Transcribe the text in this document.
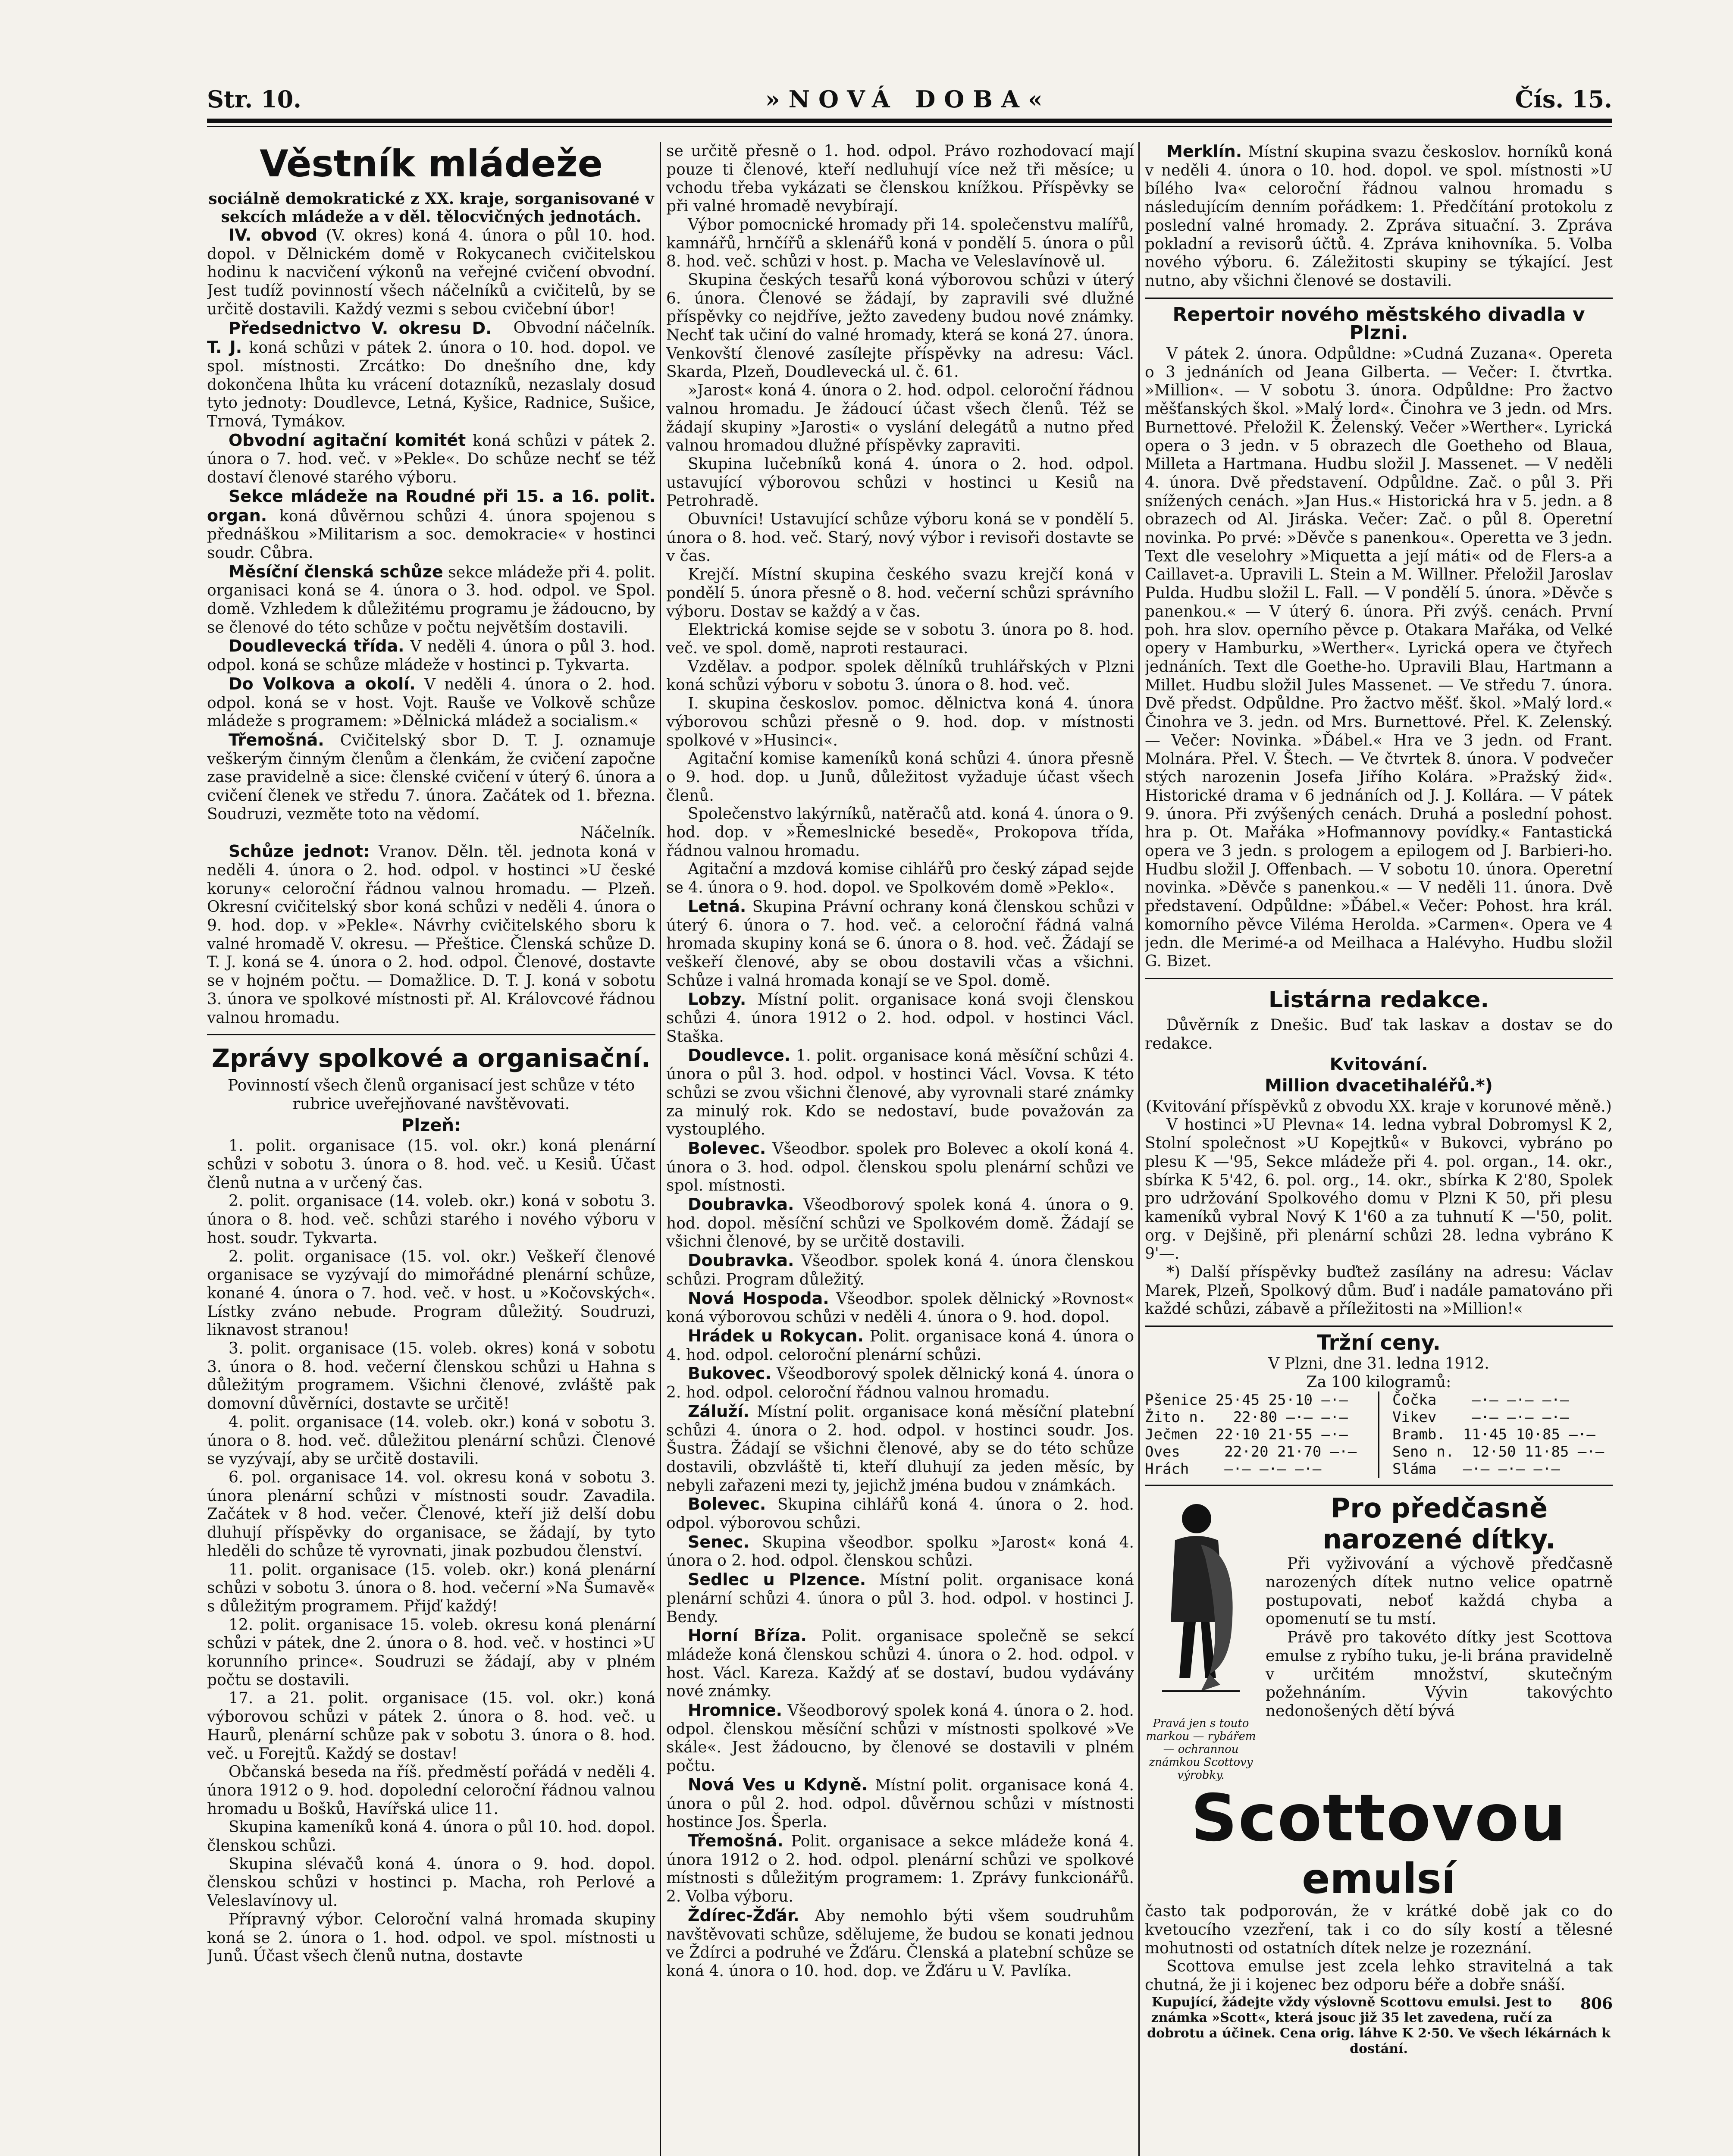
Str. 10.	»NOVÁ DOBA«	Čís. 15.
Věstník mládeže
sociálně demokratické z XX. kraje, sorganisované v sekcích mládeže a v děl. tělocvičných jednotách.

IV. obvod (V. okres) koná 4. února o půl 10. hod. dopol. v Dělnickém domě v Rokycanech cvičitelskou hodinu k nacvičení výkonů na veřejné cvičení obvodní. Jest tudíž povinností všech náčelníků a cvičitelů, by se určitě dostavili. Každý vezmi s sebou cvičební úbor!
Obvodní náčelník.

Předsednictvo V. okresu D. T. J. koná schůzi v pátek 2. února o 10. hod. dopol. ve spol. místnosti. Zrcátko: Do dnešního dne, kdy dokončena lhůta ku vrácení dotazníků, nezaslaly dosud tyto jednoty: Doudlevce, Letná, Kyšice, Radnice, Sušice, Trnová, Tymákov.

Obvodní agitační komitét koná schůzi v pátek 2. února o 7. hod. več. v »Pekle«. Do schůze nechť se též dostaví členové starého výboru.

Sekce mládeže na Roudné při 15. a 16. polit. organ. koná důvěrnou schůzi 4. února spojenou s přednáškou »Militarism a soc. demokracie« v hostinci soudr. Cůbra.

Měsíční členská schůze sekce mládeže při 4. polit. organisaci koná se 4. února o 3. hod. odpol. ve Spol. domě. Vzhledem k důležitému programu je žádoucno, by se členové do této schůze v počtu největším dostavili.

Doudlevecká třída. V neděli 4. února o půl 3. hod. odpol. koná se schůze mládeže v hostinci p. Tykvarta.

Do Volkova a okolí. V neděli 4. února o 2. hod. odpol. koná se v host. Vojt. Rauše ve Volkově schůze mládeže s programem: »Dělnická mládež a socialism.«

Třemošná. Cvičitelský sbor D. T. J. oznamuje veškerým činným členům a členkám, že cvičení započne zase pravidelně a sice: členské cvičení v úterý 6. února a cvičení členek ve středu 7. února. Začátek od 1. března. Soudruzi, vezměte toto na vědomí.

Náčelník.

Schůze jednot: Vranov. Děln. těl. jednota koná v neděli 4. února o 2. hod. odpol. v hostinci »U české koruny« celoroční řádnou valnou hromadu. — Plzeň. Okresní cvičitelský sbor koná schůzi v neděli 4. února o 9. hod. dop. v »Pekle«. Návrhy cvičitelského sboru k valné hromadě V. okresu. — Přeštice. Členská schůze D. T. J. koná se 4. února o 2. hod. odpol. Členové, dostavte se v hojném počtu. — Domažlice. D. T. J. koná v sobotu 3. února ve spolkové místnosti př. Al. Královcové řádnou valnou hromadu.

Zprávy spolkové a organisační.

Povinností všech členů organisací jest schůze v této rubrice uveřejňované navštěvovati.

Plzeň:

1. polit. organisace (15. vol. okr.) koná plenární schůzi v sobotu 3. února o 8. hod. več. u Kesiů. Účast členů nutna a v určený čas.

2. polit. organisace (14. voleb. okr.) koná v sobotu 3. února o 8. hod. več. schůzi starého i nového výboru v host. soudr. Tykvarta.

2. polit. organisace (15. vol. okr.) Veškeří členové organisace se vyzývají do mimořádné plenární schůze, konané 4. února o 7. hod. več. v host. u »Kočovských«. Lístky zváno nebude. Program důležitý. Soudruzi, liknavost stranou!

3. polit. organisace (15. voleb. okres) koná v sobotu 3. února o 8. hod. večerní členskou schůzi u Hahna s důležitým programem. Všichni členové, zvláště pak domovní důvěrníci, dostavte se určitě!

4. polit. organisace (14. voleb. okr.) koná v sobotu 3. února o 8. hod. več. důležitou plenární schůzi. Členové se vyzývají, aby se určitě dostavili.

6. pol. organisace 14. vol. okresu koná v sobotu 3. února plenární schůzi v místnosti soudr. Zavadila. Začátek v 8 hod. večer. Členové, kteří již delší dobu dluhují příspěvky do organisace, se žádají, by tyto hleděli do schůze tě vyrovnati, jinak pozbudou členství.

11. polit. organisace (15. voleb. okr.) koná plenární schůzi v sobotu 3. února o 8. hod. večerní »Na Šumavě« s důležitým programem. Přijď každý!

12. polit. organisace 15. voleb. okresu koná plenární schůzi v pátek, dne 2. února o 8. hod. več. v hostinci »U korunního prince«. Soudruzi se žádají, aby v plném počtu se dostavili.

17. a 21. polit. organisace (15. vol. okr.) koná výborovou schůzi v pátek 2. února o 8. hod. več. u Haurů, plenární schůze pak v sobotu 3. února o 8. hod. več. u Forejtů. Každý se dostav!

Občanská beseda na říš. předměstí pořádá v neděli 4. února 1912 o 9. hod. dopolední celoroční řádnou valnou hromadu u Bošků, Havířská ulice 11.

Skupina kameníků koná 4. února o půl 10. hod. dopol. členskou schůzi.

Skupina slévačů koná 4. února o 9. hod. dopol. členskou schůzi v hostinci p. Macha, roh Perlové a Veleslavínovy ul.

Přípravný výbor. Celoroční valná hromada skupiny koná se 2. února o 1. hod. odpol. ve spol. místnosti u Junů. Účast všech členů nutna, dostavte

se určitě přesně o 1. hod. odpol. Právo rozhodovací mají pouze ti členové, kteří nedluhují více než tři měsíce; u vchodu třeba vykázati se členskou knížkou. Příspěvky se při valné hromadě nevybírají.

Výbor pomocnické hromady při 14. společenstvu malířů, kamnářů, hrnčířů a sklenářů koná v pondělí 5. února o půl 8. hod. več. schůzi v host. p. Macha ve Veleslavínově ul.

Skupina českých tesařů koná výborovou schůzi v úterý 6. února. Členové se žádají, by zapravili své dlužné příspěvky co nejdříve, ježto zavedeny budou nové známky. Nechť tak učiní do valné hromady, která se koná 27. února. Venkovští členové zasílejte příspěvky na adresu: Václ. Skarda, Plzeň, Doudlevecká ul. č. 61.

»Jarost« koná 4. února o 2. hod. odpol. celoroční řádnou valnou hromadu. Je žádoucí účast všech členů. Též se žádají skupiny »Jarosti« o vyslání delegátů a nutno před valnou hromadou dlužné příspěvky zapraviti.

Skupina lučebníků koná 4. února o 2. hod. odpol. ustavující výborovou schůzi v hostinci u Kesiů na Petrohradě.

Obuvníci! Ustavující schůze výboru koná se v pondělí 5. února o 8. hod. več. Starý, nový výbor i revisoři dostavte se v čas.

Krejčí. Místní skupina českého svazu krejčí koná v pondělí 5. února přesně o 8. hod. večerní schůzi správního výboru. Dostav se každý a v čas.

Elektrická komise sejde se v sobotu 3. února po 8. hod. več. ve spol. domě, naproti restauraci.

Vzdělav. a podpor. spolek dělníků truhlářských v Plzni koná schůzi výboru v sobotu 3. února o 8. hod. več.

I. skupina českoslov. pomoc. dělnictva koná 4. února výborovou schůzi přesně o 9. hod. dop. v místnosti spolkové v »Husinci«.

Agitační komise kameníků koná schůzi 4. února přesně o 9. hod. dop. u Junů, důležitost vyžaduje účast všech členů.

Společenstvo lakýrníků, natěračů atd. koná 4. února o 9. hod. dop. v »Řemeslnické besedě«, Prokopova třída, řádnou valnou hromadu.

Agitační a mzdová komise cihlářů pro český západ sejde se 4. února o 9. hod. dopol. ve Spolkovém domě »Peklo«.

Letná. Skupina Právní ochrany koná členskou schůzi v úterý 6. února o 7. hod. več. a celoroční řádná valná hromada skupiny koná se 6. února o 8. hod. več. Žádají se veškeří členové, aby se obou dostavili včas a všichni. Schůze i valná hromada konají se ve Spol. domě.

Lobzy. Místní polit. organisace koná svoji členskou schůzi 4. února 1912 o 2. hod. odpol. v hostinci Václ. Staška.

Doudlevce. 1. polit. organisace koná měsíční schůzi 4. února o půl 3. hod. odpol. v hostinci Václ. Vovsa. K této schůzi se zvou všichni členové, aby vyrovnali staré známky za minulý rok. Kdo se nedostaví, bude považován za vystouplého.

Bolevec. Všeodbor. spolek pro Bolevec a okolí koná 4. února o 3. hod. odpol. členskou spolu plenární schůzi ve spol. místnosti.

Doubravka. Všeodborový spolek koná 4. února o 9. hod. dopol. měsíční schůzi ve Spolkovém domě. Žádají se všichni členové, by se určitě dostavili.

Doubravka. Všeodbor. spolek koná 4. února členskou schůzi. Program důležitý.

Nová Hospoda. Všeodbor. spolek dělnický »Rovnost« koná výborovou schůzi v neděli 4. února o 9. hod. dopol.

Hrádek u Rokycan. Polit. organisace koná 4. února o 4. hod. odpol. celoroční plenární schůzi.

Bukovec. Všeodborový spolek dělnický koná 4. února o 2. hod. odpol. celoroční řádnou valnou hromadu.

Záluží. Místní polit. organisace koná měsíční platební schůzi 4. února o 2. hod. odpol. v hostinci soudr. Jos. Šustra. Žádají se všichni členové, aby se do této schůze dostavili, obzvláště ti, kteří dluhují za jeden měsíc, by nebyli zařazeni mezi ty, jejichž jména budou v známkách.

Bolevec. Skupina cihlářů koná 4. února o 2. hod. odpol. výborovou schůzi.

Senec. Skupina všeodbor. spolku »Jarost« koná 4. února o 2. hod. odpol. členskou schůzi.

Sedlec u Plzence. Místní polit. organisace koná plenární schůzi 4. února o půl 3. hod. odpol. v hostinci J. Bendy.

Horní Bříza. Polit. organisace společně se sekcí mládeže koná členskou schůzi 4. února o 2. hod. odpol. v host. Václ. Kareza. Každý ať se dostaví, budou vydávány nové známky.

Hromnice. Všeodborový spolek koná 4. února o 2. hod. odpol. členskou měsíční schůzi v místnosti spolkové »Ve skále«. Jest žádoucno, by členové se dostavili v plném počtu.

Nová Ves u Kdyně. Místní polit. organisace koná 4. února o půl 2. hod. odpol. důvěrnou schůzi v místnosti hostince Jos. Šperla.

Třemošná. Polit. organisace a sekce mládeže koná 4. února 1912 o 2. hod. odpol. plenární schůzi ve spolkové místnosti s důležitým programem: 1. Zprávy funkcionářů. 2. Volba výboru.

Ždírec-Žďár. Aby nemohlo býti všem soudruhům navštěvovati schůze, sdělujeme, že budou se konati jednou ve Ždírci a podruhé ve Žďáru. Členská a platební schůze se koná 4. února o 10. hod. dop. ve Žďáru u V. Pavlíka.

Merklín. Místní skupina svazu českoslov. horníků koná v neděli 4. února o 10. hod. dopol. ve spol. místnosti »U bílého lva« celoroční řádnou valnou hromadu s následujícím denním pořádkem: 1. Předčítání protokolu z poslední valné hromady. 2. Zpráva situační. 3. Zpráva pokladní a revisorů účtů. 4. Zpráva knihovníka. 5. Volba nového výboru. 6. Záležitosti skupiny se týkající. Jest nutno, aby všichni členové se dostavili.

Repertoir nového městského divadla v Plzni.

V pátek 2. února. Odpůldne: »Cudná Zuzana«. Opereta o 3 jednáních od Jeana Gilberta. — Večer: I. čtvrtka. »Million«. — V sobotu 3. února. Odpůldne: Pro žactvo měšťanských škol. »Malý lord«. Činohra ve 3 jedn. od Mrs. Burnettové. Přeložil K. Želenský. Večer »Werther«. Lyrická opera o 3 jedn. v 5 obrazech dle Goetheho od Blaua, Milleta a Hartmana. Hudbu složil J. Massenet. — V neděli 4. února. Dvě představení. Odpůldne. Zač. o půl 3. Při snížených cenách. »Jan Hus.« Historická hra v 5. jedn. a 8 obrazech od Al. Jiráska. Večer: Zač. o půl 8. Operetní novinka. Po prvé: »Děvče s panenkou«. Operetta ve 3 jedn. Text dle veselohry »Miquetta a její máti« od de Flers-a a Caillavet-a. Upravili L. Stein a M. Willner. Přeložil Jaroslav Pulda. Hudbu složil L. Fall. — V pondělí 5. února. »Děvče s panenkou.« — V úterý 6. února. Při zvýš. cenách. První poh. hra slov. operního pěvce p. Otakara Mařáka, od Velké opery v Hamburku, »Werther«. Lyrická opera ve čtyřech jednáních. Text dle Goethe-ho. Upravili Blau, Hartmann a Millet. Hudbu složil Jules Massenet. — Ve středu 7. února. Dvě předst. Odpůldne. Pro žactvo měšť. škol. »Malý lord.« Činohra ve 3. jedn. od Mrs. Burnettové. Přel. K. Zelenský. — Večer: Novinka. »Ďábel.« Hra ve 3 jedn. od Frant. Molnára. Přel. V. Štech. — Ve čtvrtek 8. února. V podvečer stých narozenin Josefa Jiřího Kolára. »Pražský žid«. Historické drama v 6 jednáních od J. J. Kollára. — V pátek 9. února. Při zvýšených cenách. Druhá a poslední pohost. hra p. Ot. Mařáka »Hofmannovy povídky.« Fantastická opera ve 3 jedn. s prologem a epilogem od J. Barbieri-ho. Hudbu složil J. Offenbach. — V sobotu 10. února. Operetní novinka. »Děvče s panenkou.« — V neděli 11. února. Dvě představení. Odpůldne: »Ďábel.« Večer: Pohost. hra král. komorního pěvce Viléma Herolda. »Carmen«. Opera ve 4 jedn. dle Merimé-a od Meilhaca a Halévyho. Hudbu složil G. Bizet.

Listárna redakce.

Důvěrník z Dnešic. Buď tak laskav a dostav se do redakce.

Kvitování.
Million dvacetihaléřů.*)

(Kvitování příspěvků z obvodu XX. kraje v korunové měně.)

V hostinci »U Plevna« 14. ledna vybral Dobromysl K 2, Stolní společnost »U Kopejtků« v Bukovci, vybráno po plesu K —'95, Sekce mládeže při 4. pol. organ., 14. okr., sbírka K 5'42, 6. pol. org., 14. okr., sbírka K 2'80, Spolek pro udržování Spolkového domu v Plzni K 50, při plesu kameníků vybral Nový K 1'60 a za tuhnutí K —'50, polit. org. v Dejšině, při plenární schůzi 28. ledna vybráno K 9'—.

*) Další příspěvky buďtež zasílány na adresu: Václav Marek, Plzeň, Spolkový dům. Buď i nadále pamatováno při každé schůzi, zábavě a příležitosti na »Million!«

Tržní ceny.

V Plzni, dne 31. ledna 1912.

Za 100 kilogramů:

Pšenice 25·45 25·10 —·—
Žito n.   22·80 —·— —·—
Ječmen  22·10 21·55 —·—
Oves     22·20 21·70 —·—
Hrách    —·— —·— —·—
Čočka    —·— —·— —·—
Vikev    —·— —·— —·—
Bramb.  11·45 10·85 —·—
Seno n.  12·50 11·85 —·—
Sláma   —·— —·— —·—
Pravá jen s touto markou — rybářem — ochrannou známkou Scottovy výrobky.
Pro předčasně narozené dítky.

Při vyživování a výchově předčasně narozených dítek nutno velice opatrně postupovati, neboť každá chyba a opomenutí se tu mstí.

Právě pro takovéto dítky jest Scottova emulse z rybího tuku, je-li brána pravidelně v určitém množství, skutečným požehnáním. Vývin takovýchto nedonošených dětí bývá

Scottovou
emulsí

často tak podporován, že v krátké době jak co do kvetoucího vzezření, tak i co do síly kostí a tělesné mohutnosti od ostatních dítek nelze je rozeznání.

Scottova emulse jest zcela lehko stravitelná a tak chutná, že ji i kojenec bez odporu béře a dobře snáší.
806

Kupující, žádejte vždy výslovně Scottovu emulsi. Jest to známka »Scott«, která jsouc již 35 let zavedena, ručí za dobrotu a účinek. Cena orig. láhve K 2·50. Ve všech lékárnách k dostání.
